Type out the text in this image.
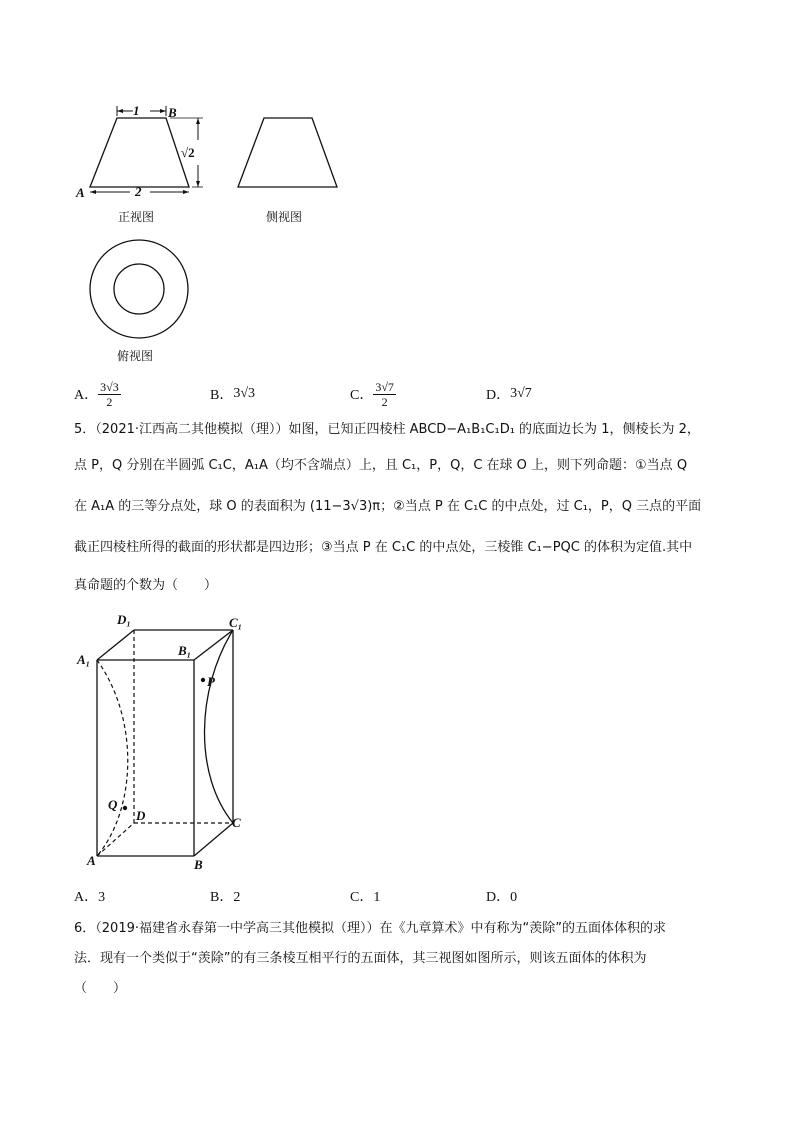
1 B
√2
A	2
正视图	侧视图
俯视图
A． $\frac{3√3}{2}$	B． 3√3	C． $\frac{3√7}{2}$	D． 3√7
5．（2021·江西高二其他模拟（理））如图，已知正四棱柱 ABCD−A₁B₁C₁D₁ 的底面边长为 1，侧棱长为 2，
点 P，Q 分别在半圆弧 C₁C，A₁A（均不含端点）上，且 C₁，P，Q，C 在球 O 上，则下列命题：①当点 Q
在 A₁A 的三等分点处，球 O 的表面积为 (11−3√3)π；②当点 P 在 C₁C 的中点处，过 C₁，P，Q 三点的平面
截正四棱柱所得的截面的形状都是四边形；③当点 P 在 C₁C 的中点处，三棱锥 C₁−PQC 的体积为定值.其中
真命题的个数为（　　）
D₁	C₁
A₁
B₁
P
Q
D	C
A	B
A．3	B．2	C．1	D．0
6．（2019·福建省永春第一中学高三其他模拟（理））在《九章算术》中有称为“羡除”的五面体体积的求
法．现有一个类似于“羡除”的有三条棱互相平行的五面体，其三视图如图所示，则该五面体的体积为
（　　）
